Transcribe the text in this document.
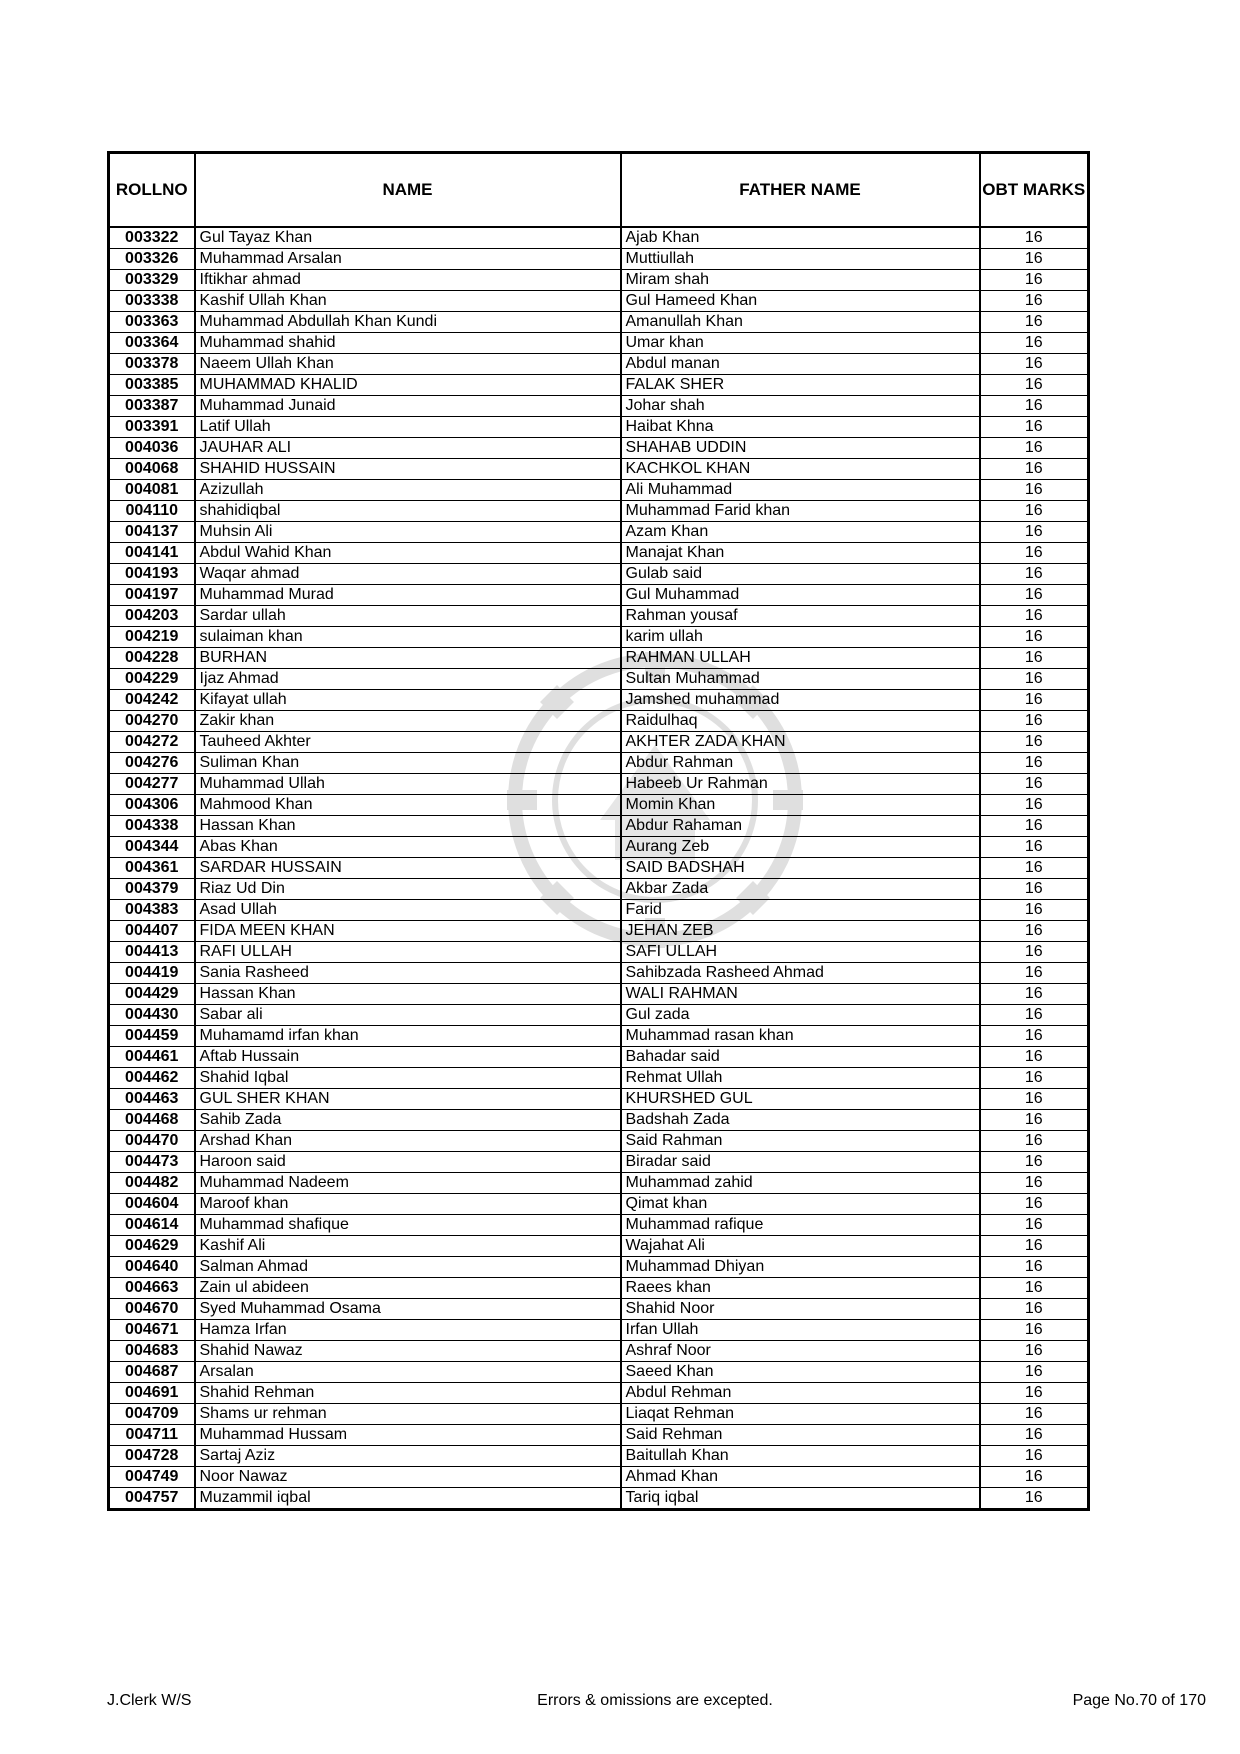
ROLLNO	NAME	FATHER NAME	OBT MARKS
003322	Gul Tayaz Khan	Ajab Khan	16
003326	Muhammad Arsalan	Muttiullah	16
003329	Iftikhar ahmad	Miram shah	16
003338	Kashif Ullah Khan	Gul Hameed Khan	16
003363	Muhammad Abdullah Khan Kundi	Amanullah Khan	16
003364	Muhammad shahid	Umar khan	16
003378	Naeem Ullah Khan	Abdul manan	16
003385	MUHAMMAD KHALID	FALAK SHER	16
003387	Muhammad Junaid	Johar shah	16
003391	Latif Ullah	Haibat Khna	16
004036	JAUHAR ALI	SHAHAB UDDIN	16
004068	SHAHID HUSSAIN	KACHKOL KHAN	16
004081	Azizullah	Ali Muhammad	16
004110	shahidiqbal	Muhammad Farid khan	16
004137	Muhsin Ali	Azam Khan	16
004141	Abdul Wahid Khan	Manajat Khan	16
004193	Waqar ahmad	Gulab said	16
004197	Muhammad Murad	Gul Muhammad	16
004203	Sardar ullah	Rahman yousaf	16
004219	sulaiman khan	karim ullah	16
004228	BURHAN	RAHMAN ULLAH	16
004229	Ijaz Ahmad	Sultan Muhammad	16
004242	Kifayat ullah	Jamshed muhammad	16
004270	Zakir khan	Raidulhaq	16
004272	Tauheed Akhter	AKHTER ZADA KHAN	16
004276	Suliman Khan	Abdur Rahman	16
004277	Muhammad Ullah	Habeeb Ur Rahman	16
004306	Mahmood Khan	Momin Khan	16
004338	Hassan Khan	Abdur Rahaman	16
004344	Abas Khan	Aurang Zeb	16
004361	SARDAR HUSSAIN	SAID BADSHAH	16
004379	Riaz Ud Din	Akbar Zada	16
004383	Asad Ullah	Farid	16
004407	FIDA MEEN KHAN	JEHAN ZEB	16
004413	RAFI ULLAH	SAFI ULLAH	16
004419	Sania Rasheed	Sahibzada Rasheed Ahmad	16
004429	Hassan Khan	WALI RAHMAN	16
004430	Sabar ali	Gul zada	16
004459	Muhamamd irfan khan	Muhammad rasan khan	16
004461	Aftab Hussain	Bahadar said	16
004462	Shahid Iqbal	Rehmat Ullah	16
004463	GUL SHER KHAN	KHURSHED GUL	16
004468	Sahib Zada	Badshah Zada	16
004470	Arshad Khan	Said Rahman	16
004473	Haroon said	Biradar said	16
004482	Muhammad Nadeem	Muhammad zahid	16
004604	Maroof khan	Qimat khan	16
004614	Muhammad shafique	Muhammad rafique	16
004629	Kashif Ali	Wajahat Ali	16
004640	Salman Ahmad	Muhammad Dhiyan	16
004663	Zain ul abideen	Raees khan	16
004670	Syed Muhammad Osama	Shahid Noor	16
004671	Hamza Irfan	Irfan Ullah	16
004683	Shahid Nawaz	Ashraf Noor	16
004687	Arsalan	Saeed Khan	16
004691	Shahid Rehman	Abdul Rehman	16
004709	Shams ur rehman	Liaqat Rehman	16
004711	Muhammad Hussam	Said Rehman	16
004728	Sartaj Aziz	Baitullah Khan	16
004749	Noor Nawaz	Ahmad Khan	16
004757	Muzammil iqbal	Tariq iqbal	16
J.Clerk W/S	Errors & omissions are excepted.	Page No.70 of 170
